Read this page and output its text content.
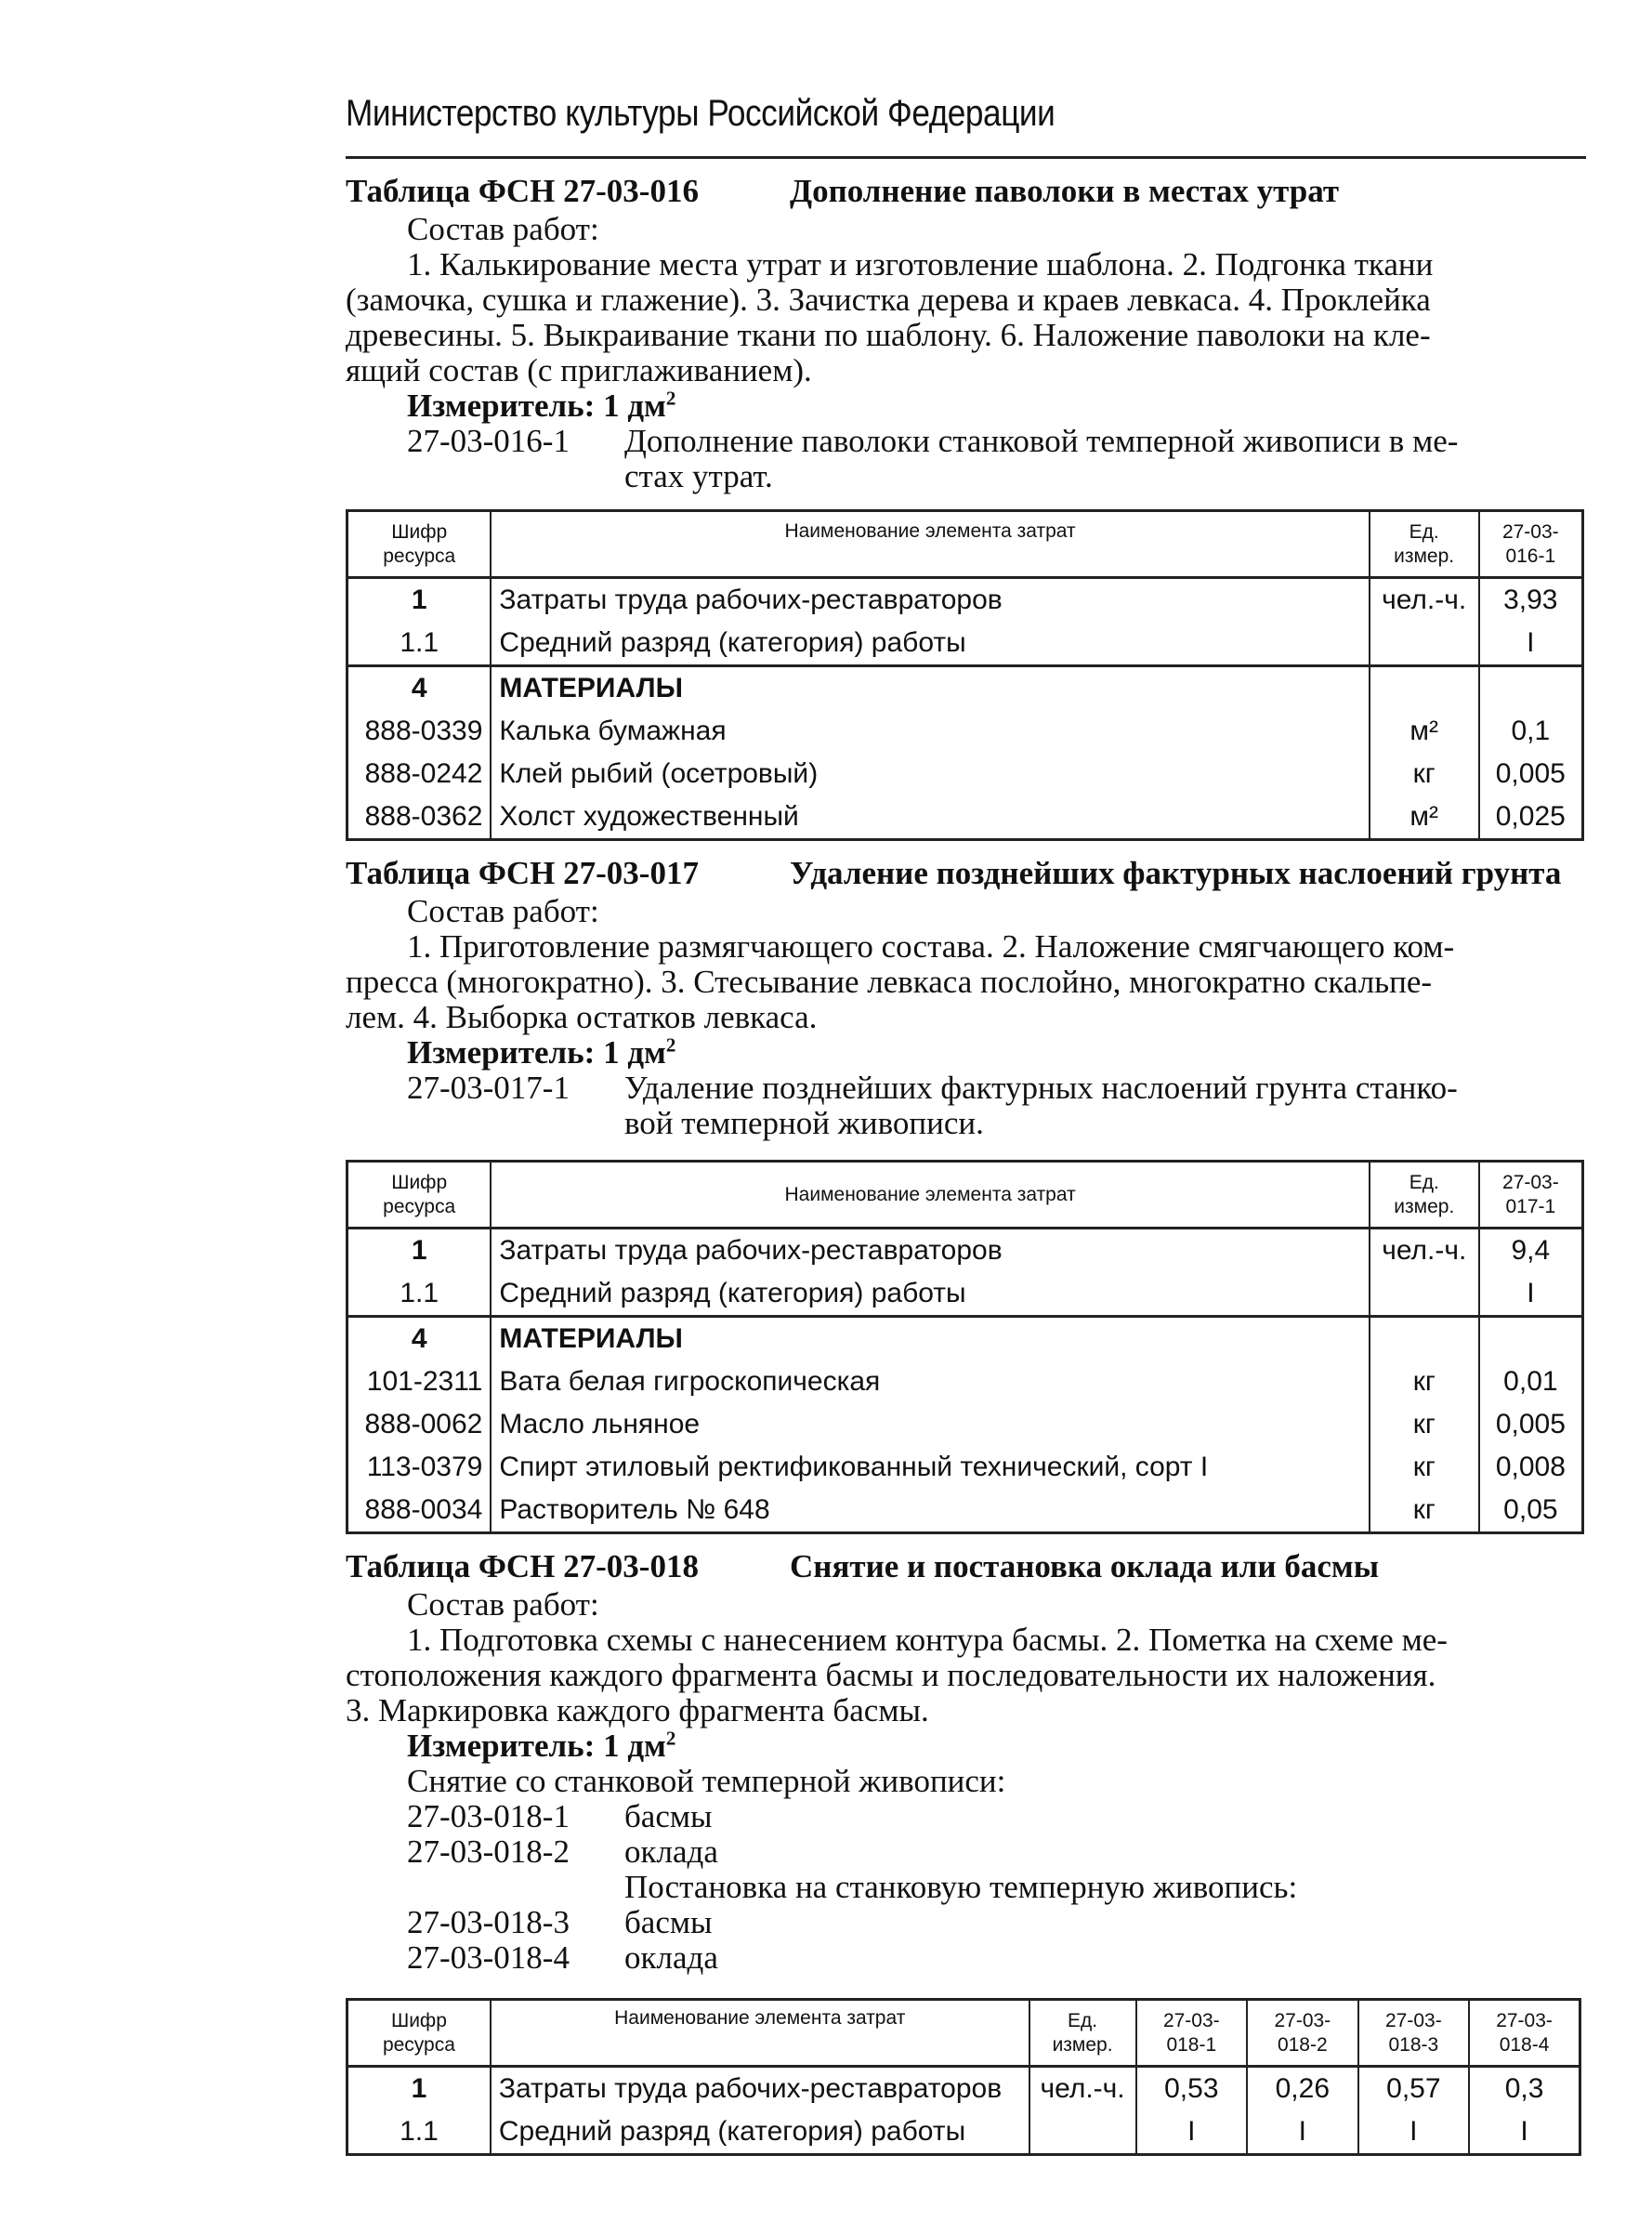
Министерство культуры Российской Федерации
Таблица ФСН 27-03-016	Дополнение паволоки в местах утрат
Состав работ:
1. Калькирование места утрат и изготовление шаблона. 2. Подгонка ткани
(замочка, сушка и глажение). 3. Зачистка дерева и краев левкаса. 4. Проклейка
древесины. 5. Выкраивание ткани по шаблону. 6. Наложение паволоки на кле-
ящий состав (с приглаживанием).
Измеритель: 1 $дм^2$
27-03-016-1 Дополнение паволоки станковой темперной живописи в ме-
стах утрат.
Шифр ресурса	Наименование элемента затрат	Ед. измер.	27-03-016-1
1	Затраты труда рабочих-реставраторов	чел.-ч.	3,93
1.1	Средний разряд (категория) работы		I
4	МАТЕРИАЛЫ		
888-0339	Калька бумажная	м²	0,1
888-0242	Клей рыбий (осетровый)	кг	0,005
888-0362	Холст художественный	м²	0,025
Таблица ФСН 27-03-017	Удаление позднейших фактурных наслоений грунта
Состав работ:
1. Приготовление размягчающего состава. 2. Наложение смягчающего ком-
пресса (многократно). 3. Стесывание левкаса послойно, многократно скальпе-
лем. 4. Выборка остатков левкаса.
Измеритель: 1 $дм^2$
27-03-017-1 Удаление позднейших фактурных наслоений грунта станко-
вой темперной живописи.
Шифр ресурса	Наименование элемента затрат	Ед. измер.	27-03-017-1
1	Затраты труда рабочих-реставраторов	чел.-ч.	9,4
1.1	Средний разряд (категория) работы		I
4	МАТЕРИАЛЫ		
101-2311	Вата белая гигроскопическая	кг	0,01
888-0062	Масло льняное	кг	0,005
113-0379	Спирт этиловый ректификованный технический, сорт I	кг	0,008
888-0034	Растворитель № 648	кг	0,05
Таблица ФСН 27-03-018	Снятие и постановка оклада или басмы
Состав работ:
1. Подготовка схемы с нанесением контура басмы. 2. Пометка на схеме ме-
стоположения каждого фрагмента басмы и последовательности их наложения.
3. Маркировка каждого фрагмента басмы.
Измеритель: 1 $дм^2$
Снятие со станковой темперной живописи:
27-03-018-1 басмы
27-03-018-2 оклада
Постановка на станковую темперную живопись:
27-03-018-3 басмы
27-03-018-4 оклада
Шифр ресурса	Наименование элемента затрат	Ед. измер.	27-03-018-1	27-03-018-2	27-03-018-3	27-03-018-4
1	Затраты труда рабочих-реставраторов	чел.-ч.	0,53	0,26	0,57	0,3
1.1	Средний разряд (категория) работы		I	I	I	I
